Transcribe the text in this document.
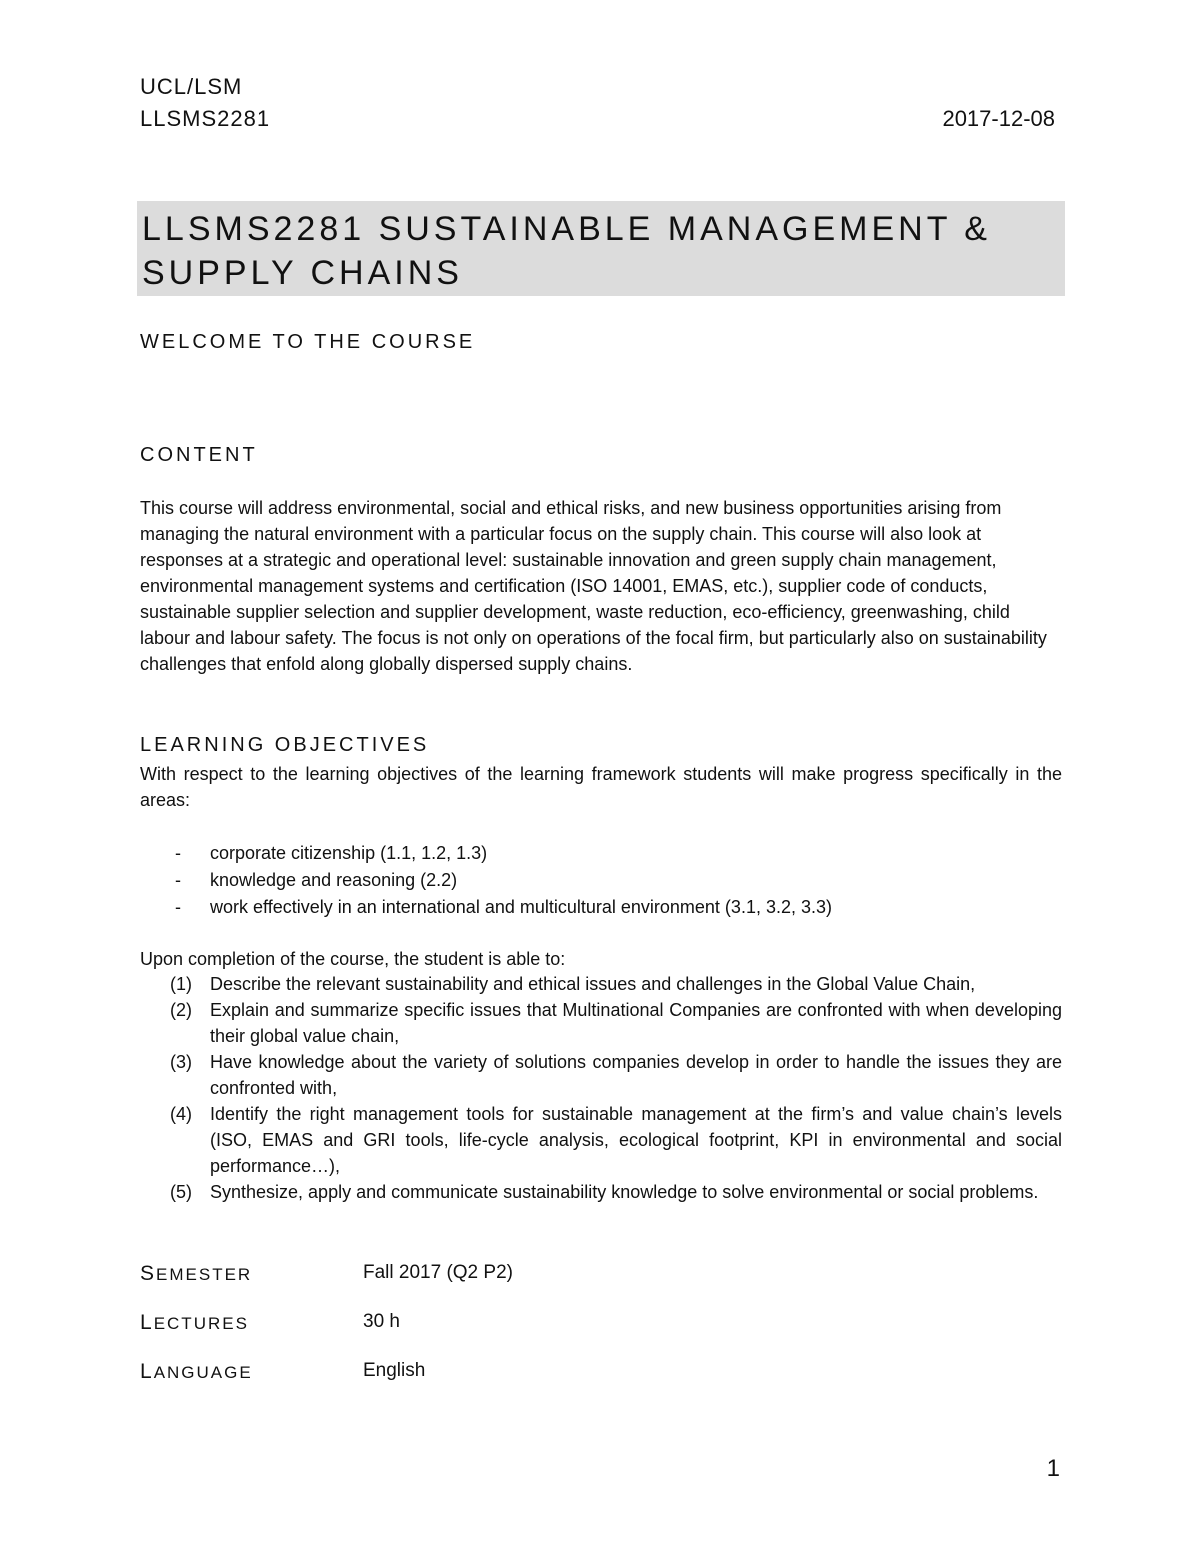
UCL/LSM
LLSMS2281	2017-12-08
LLSMS2281 SUSTAINABLE MANAGEMENT & SUPPLY CHAINS
WELCOME TO THE COURSE
CONTENT
This course will address environmental, social and ethical risks, and new business opportunities arising from managing the natural environment with a particular focus on the supply chain. This course will also look at responses at a strategic and operational level: sustainable innovation and green supply chain management, environmental management systems and certification (ISO 14001, EMAS, etc.), supplier code of conducts, sustainable supplier selection and supplier development, waste reduction, eco-efficiency, greenwashing, child labour and labour safety. The focus is not only on operations of the focal firm, but particularly also on sustainability challenges that enfold along globally dispersed supply chains.
LEARNING OBJECTIVES
With respect to the learning objectives of the learning framework students will make progress specifically in the areas:
-	corporate citizenship (1.1, 1.2, 1.3)
-	knowledge and reasoning (2.2)
-	work effectively in an international and multicultural environment (3.1, 3.2, 3.3)
Upon completion of the course, the student is able to:
(1)	Describe the relevant sustainability and ethical issues and challenges in the Global Value Chain,
(2)	Explain and summarize specific issues that Multinational Companies are confronted with when developing their global value chain,
(3)	Have knowledge about the variety of solutions companies develop in order to handle the issues they are confronted with,
(4)	Identify the right management tools for sustainable management at the firm’s and value chain’s levels (ISO, EMAS and GRI tools, life-cycle analysis, ecological footprint, KPI in environmental and social performance…),
(5)	Synthesize, apply and communicate sustainability knowledge to solve environmental or social problems.
SEMESTER	Fall 2017 (Q2 P2)
LECTURES	30 h
LANGUAGE	English
1
